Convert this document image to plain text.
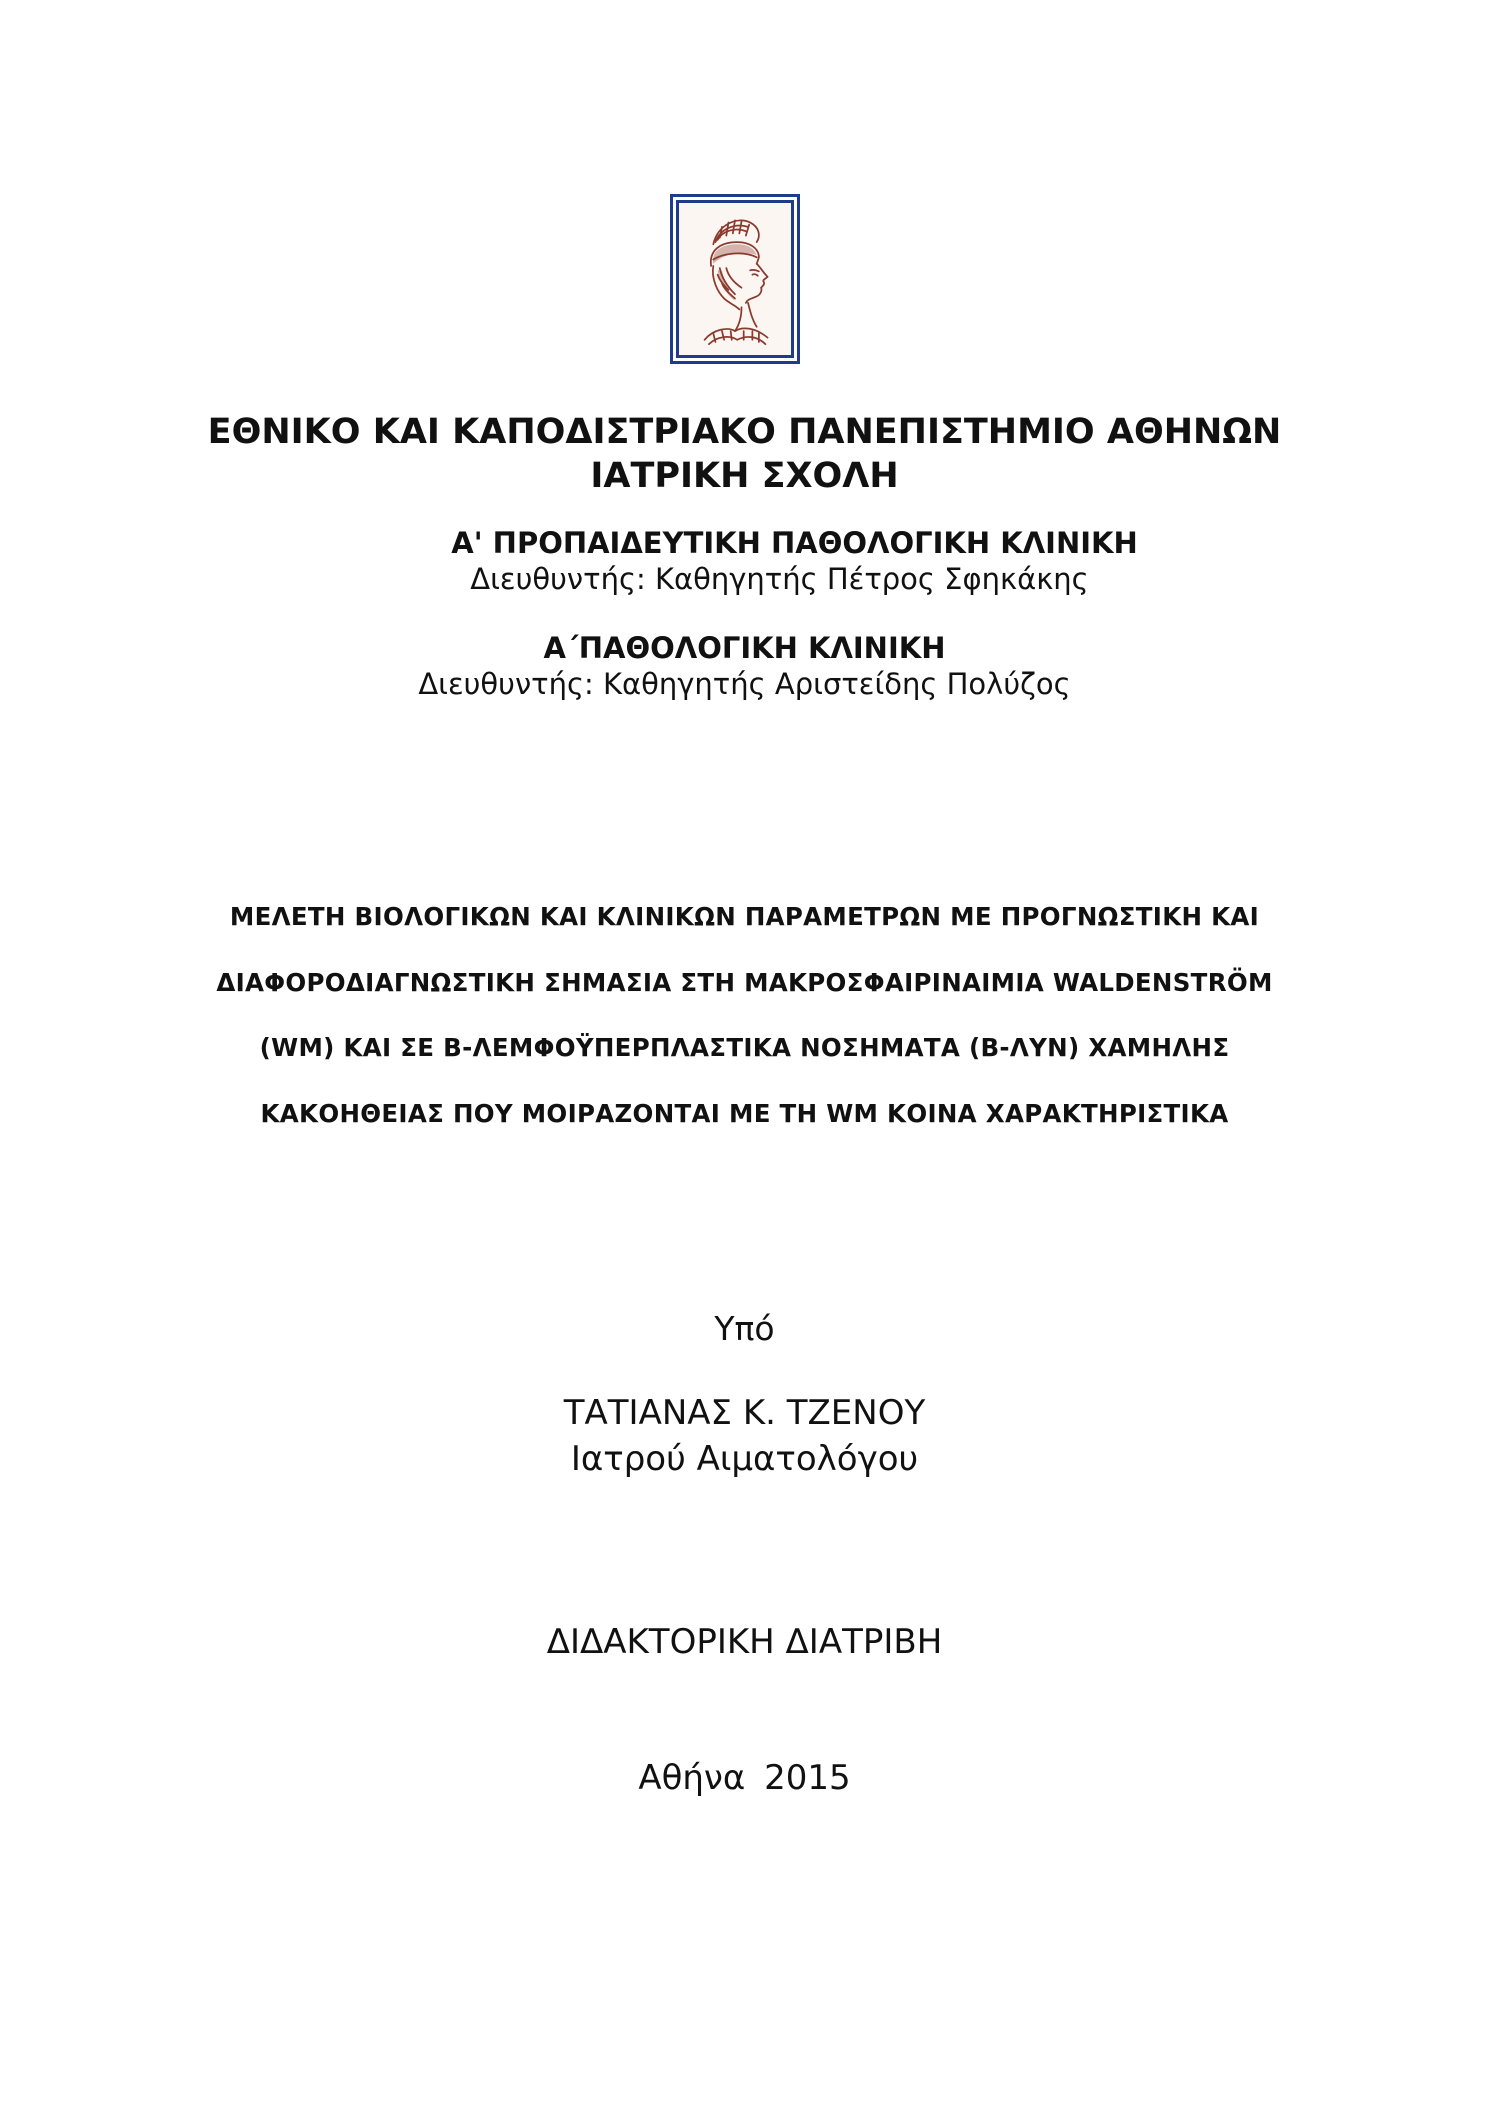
ΕΘΝΙΚΟ ΚΑΙ ΚΑΠΟΔΙΣΤΡΙΑΚΟ ΠΑΝΕΠΙΣΤΗΜΙΟ ΑΘΗΝΩΝ
ΙΑΤΡΙΚΗ ΣΧΟΛΗ
Α' ΠΡΟΠΑΙΔΕΥΤΙΚΗ ΠΑΘΟΛΟΓΙΚΗ ΚΛΙΝΙΚΗ
Διευθυντής: Καθηγητής Πέτρος Σφηκάκης
Α΄ΠΑΘΟΛΟΓΙΚΗ ΚΛΙΝΙΚΗ
Διευθυντής: Καθηγητής Αριστείδης Πολύζος
ΜΕΛΕΤΗ ΒΙΟΛΟΓΙΚΩΝ ΚΑΙ ΚΛΙΝΙΚΩΝ ΠΑΡΑΜΕΤΡΩΝ ΜΕ ΠΡΟΓΝΩΣΤΙΚΗ ΚΑΙ
ΔΙΑΦΟΡΟΔΙΑΓΝΩΣΤΙΚΗ ΣΗΜΑΣΙΑ ΣΤΗ ΜΑΚΡΟΣΦΑΙΡΙΝΑΙΜΙΑ WALDENSTRÖM
(WM) ΚΑΙ ΣΕ Β-ΛΕΜΦΟΫΠΕΡΠΛΑΣΤΙΚΑ ΝΟΣΗΜΑΤΑ (Β-ΛΥΝ) ΧΑΜΗΛΗΣ
ΚΑΚΟΗΘΕΙΑΣ ΠΟΥ ΜΟΙΡΑΖΟΝΤΑΙ ΜΕ ΤΗ WM ΚΟΙΝΑ ΧΑΡΑΚΤΗΡΙΣΤΙΚΑ
Υπό
ΤΑΤΙΑΝΑΣ Κ. ΤΖΕΝΟΥ
Ιατρού Αιματολόγου
ΔΙΔΑΚΤΟΡΙΚΗ ΔΙΑΤΡΙΒΗ
Αθήνα 2015
